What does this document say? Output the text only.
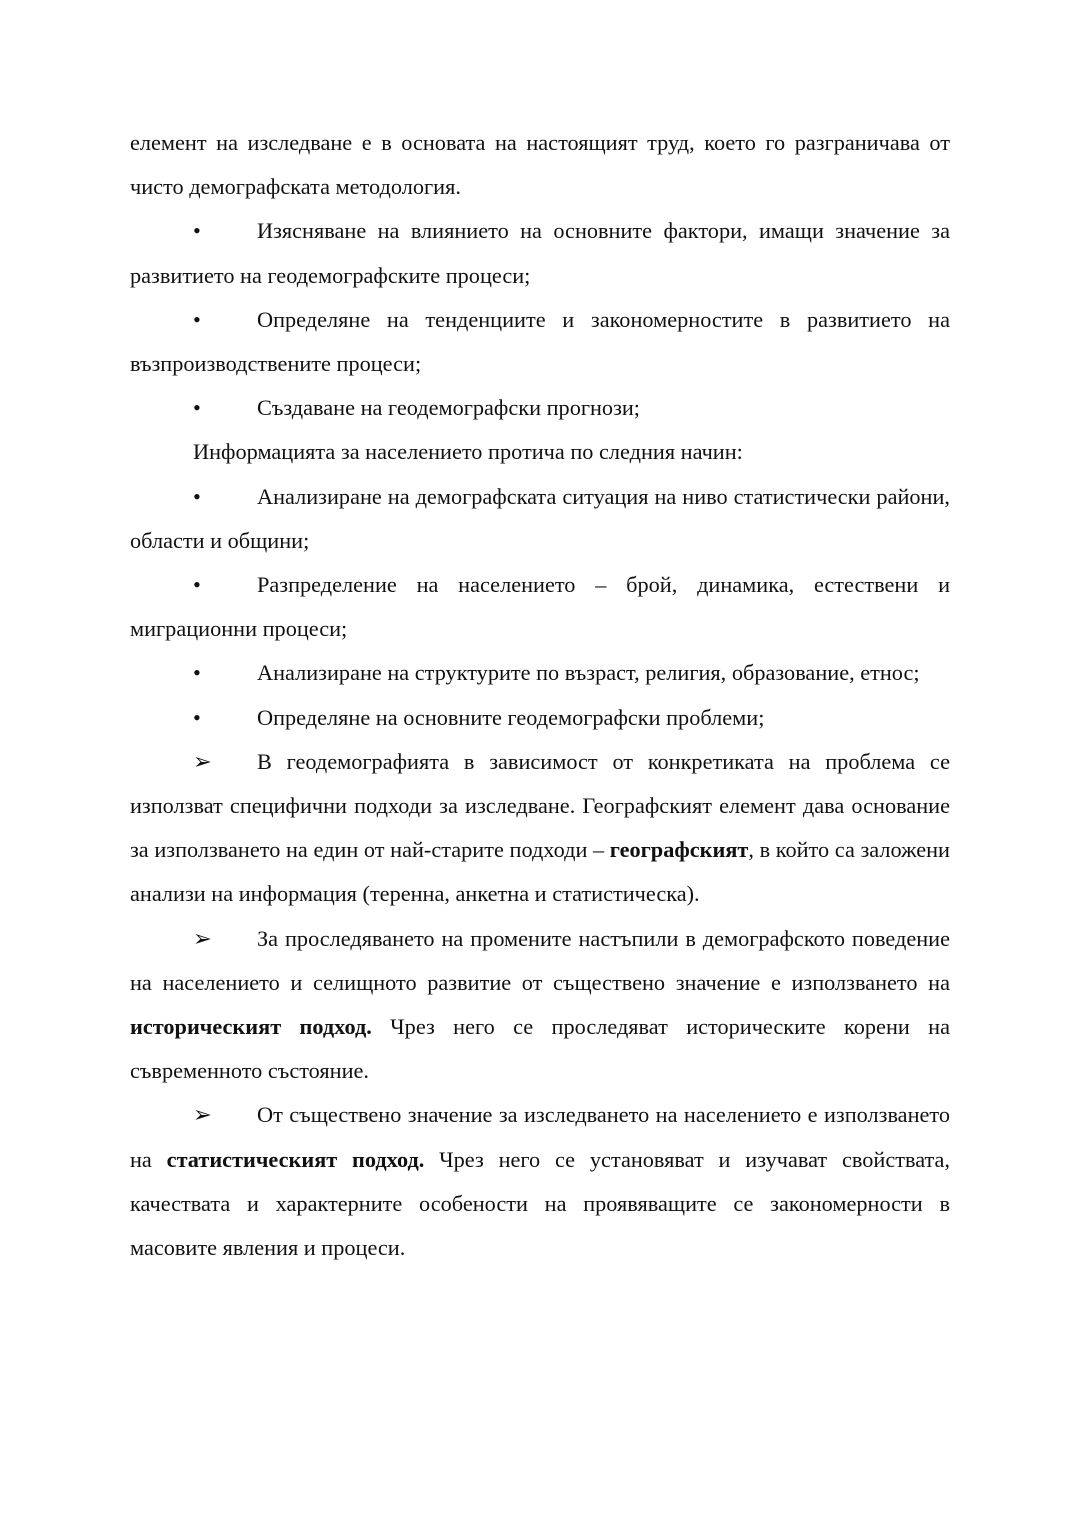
елемент на изследване е в основата на настоящият труд, което го разграничава от чисто демографската методология.

•	Изясняване на влиянието на основните фактори, имащи значение за развитието на геодемографските процеси;

•	Определяне на тенденциите и закономерностите в развитието на възпроизводствените процеси;

•	Създаване на геодемографски прогнози;

Информацията за населението протича по следния начин:

•	Анализиране на демографската ситуация на ниво статистически райони, области и общини;

•	Разпределение на населението – брой, динамика, естествени и миграционни процеси;

•	Анализиране на структурите по възраст, религия, образование, етнос;

•	Определяне на основните геодемографски проблеми;

➢ В геодемографията в зависимост от конкретиката на проблема се използват специфични подходи за изследване. Географският елемент дава основание за използването на един от най-старите подходи – географският, в който са заложени анализи на информация (теренна, анкетна и статистическа).

➢ За проследяването на промените настъпили в демографското поведение на населението и селищното развитие от съществено значение е използването на историческият подход. Чрез него се проследяват историческите корени на съвременното състояние.

➢ От съществено значение за изследването на населението е използването на статистическият подход. Чрез него се установяват и изучават свойствата, качествата и характерните особености на проявяващите се закономерности в масовите явления и процеси.
